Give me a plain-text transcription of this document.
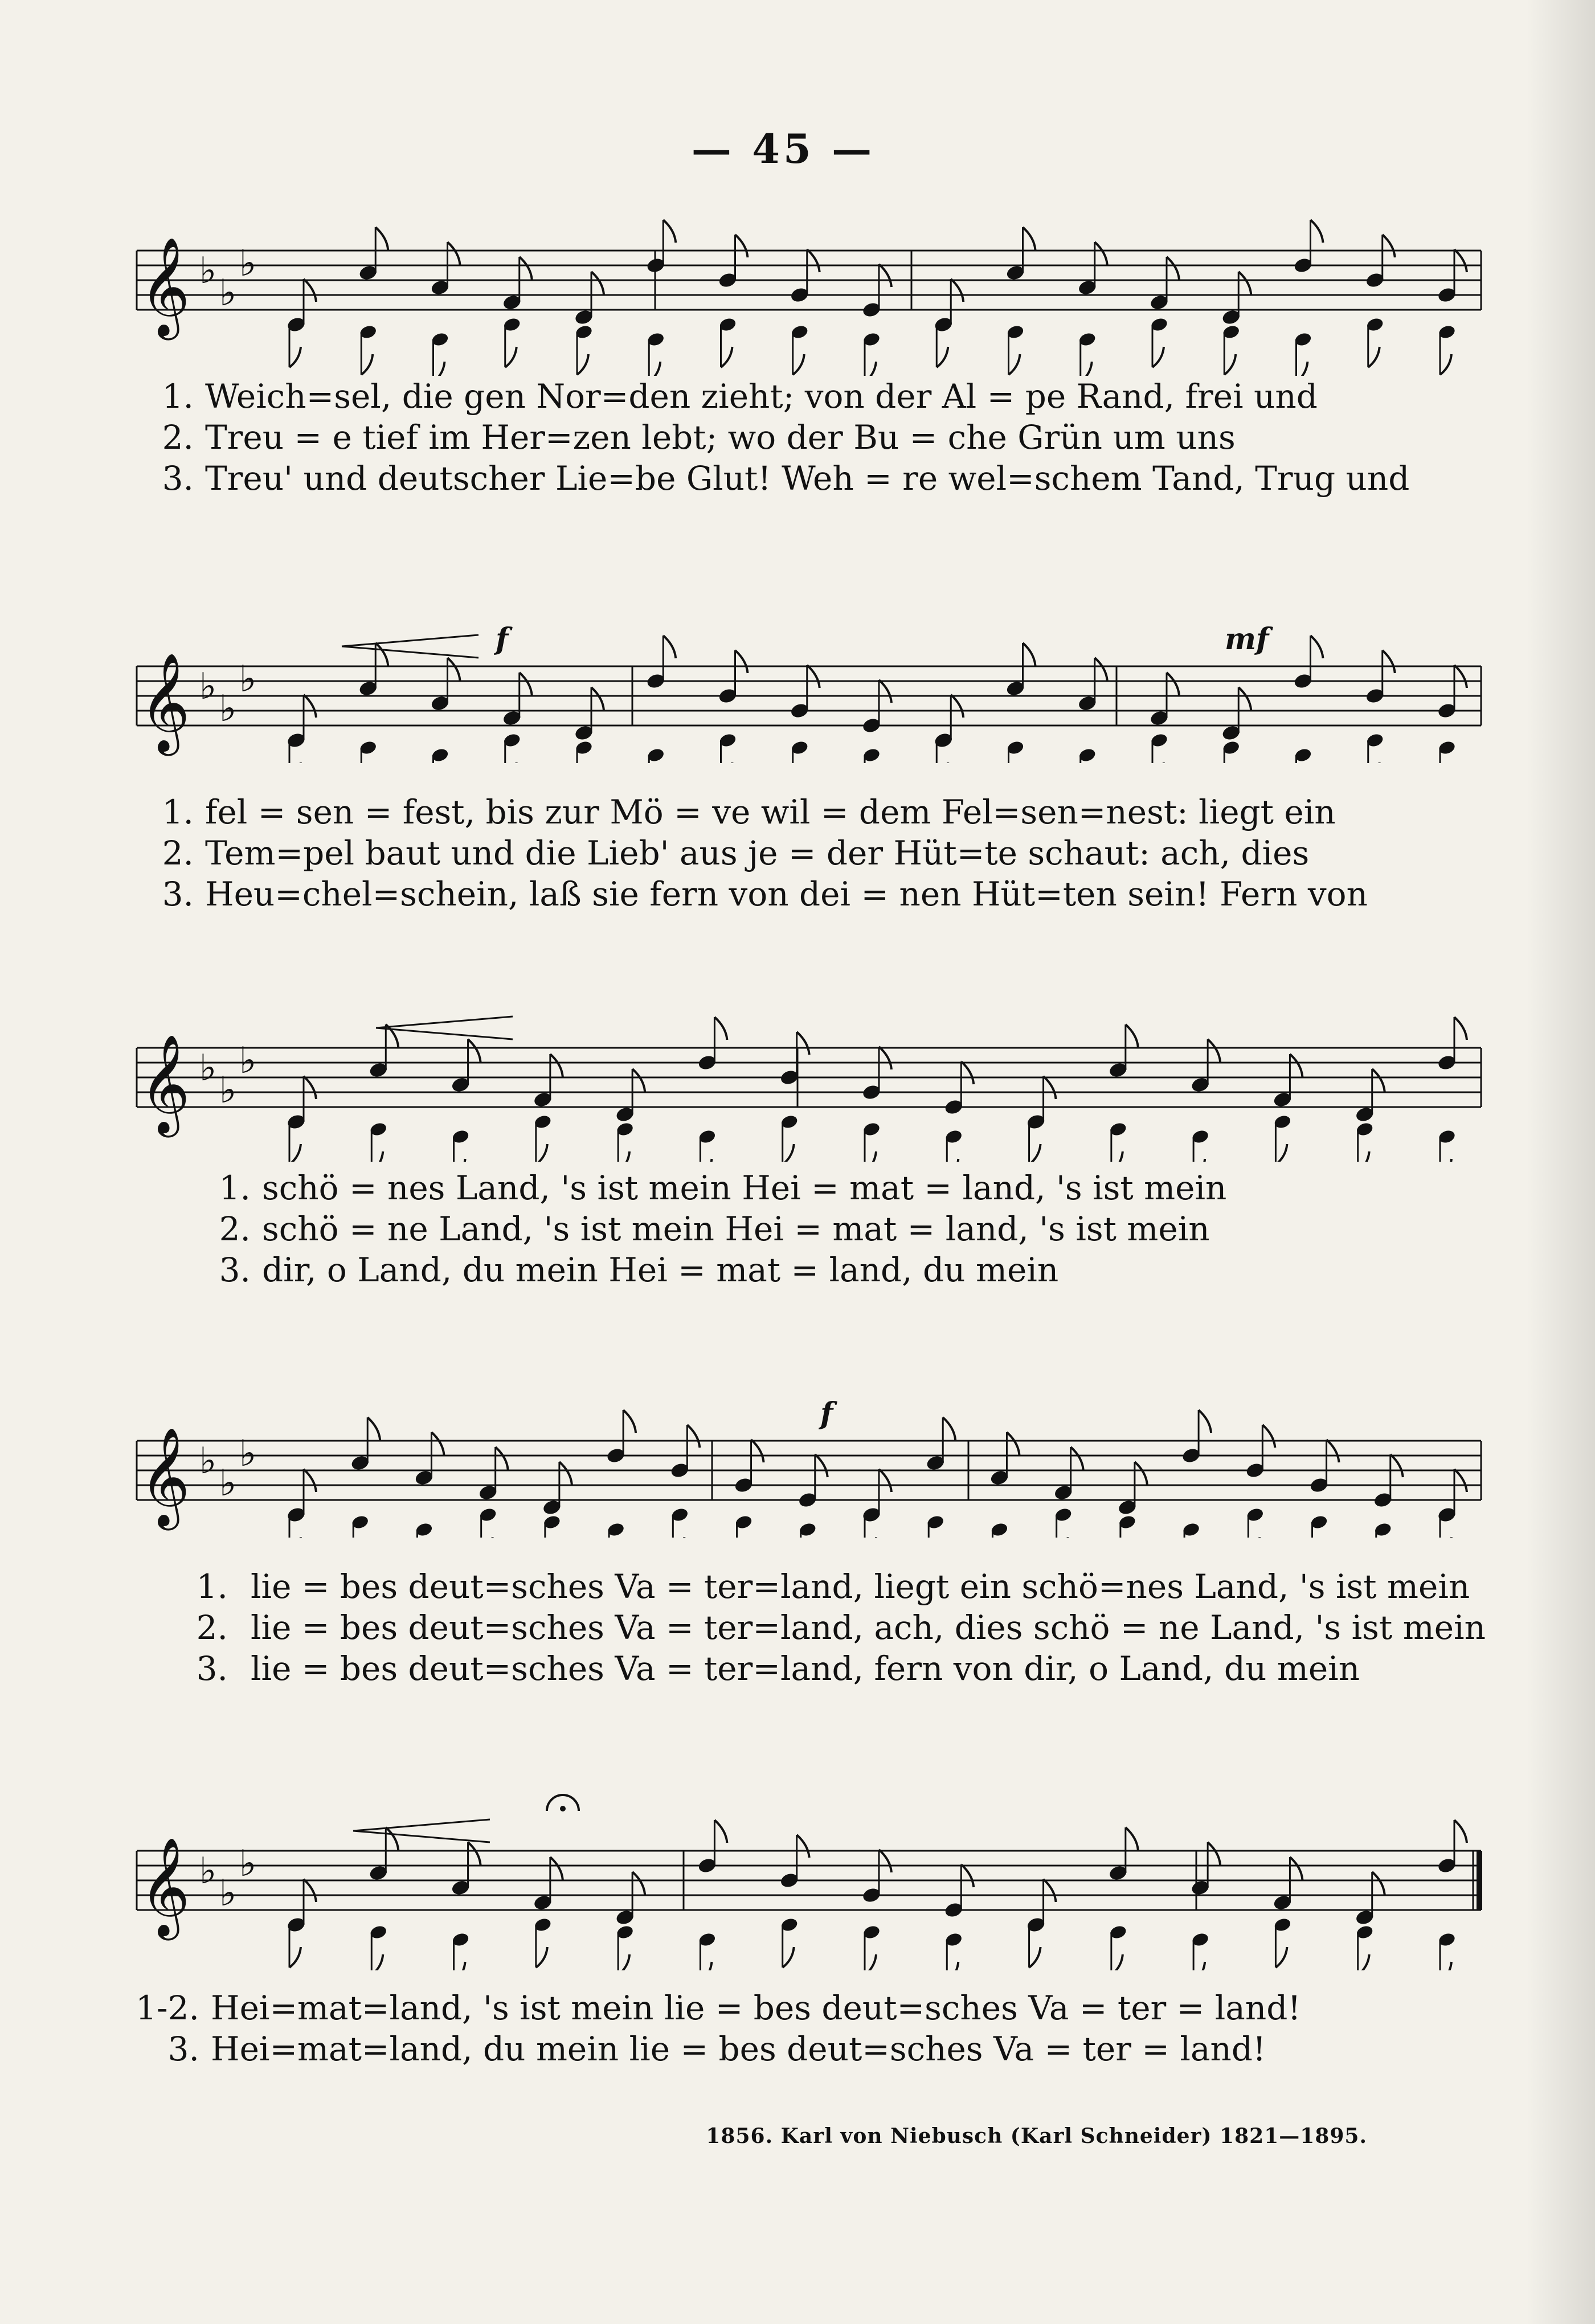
— 45 —
𝄞 ♭
♭
♭
1. Weich=sel, die gen Nor=den zieht; von der Al = pe Rand, frei und
2. Treu = e tief im Her=zen lebt; wo der Bu = che Grün um uns
3. Treu' und deutscher Lie=be Glut! Weh = re wel=schem Tand, Trug und
𝄞 ♭
♭
♭
f	mf
1. fel = sen = fest, bis zur Mö = ve wil = dem Fel=sen=nest: liegt ein
2. Tem=pel baut und die Lieb' aus je = der Hüt=te schaut: ach, dies
3. Heu=chel=schein, laß sie fern von dei = nen Hüt=ten sein! Fern von
𝄞 ♭
♭
♭
1. schö = nes Land, 's ist mein Hei = mat = land, 's ist mein
2. schö = ne Land, 's ist mein Hei = mat = land, 's ist mein
3. dir, o Land, du mein Hei = mat = land, du mein
𝄞 ♭
♭
♭
f
1. lie = bes deut=sches Va = ter=land, liegt ein schö=nes Land, 's ist mein
2. lie = bes deut=sches Va = ter=land, ach, dies schö = ne Land, 's ist mein
3. lie = bes deut=sches Va = ter=land, fern von dir, o Land, du mein
𝄞 ♭
♭
♭
1-2. Hei=mat=land, 's ist mein lie = bes deut=sches Va = ter = land!
3. Hei=mat=land, du mein lie = bes deut=sches Va = ter = land!
1856. Karl von Niebusch (Karl Schneider) 1821—1895.
